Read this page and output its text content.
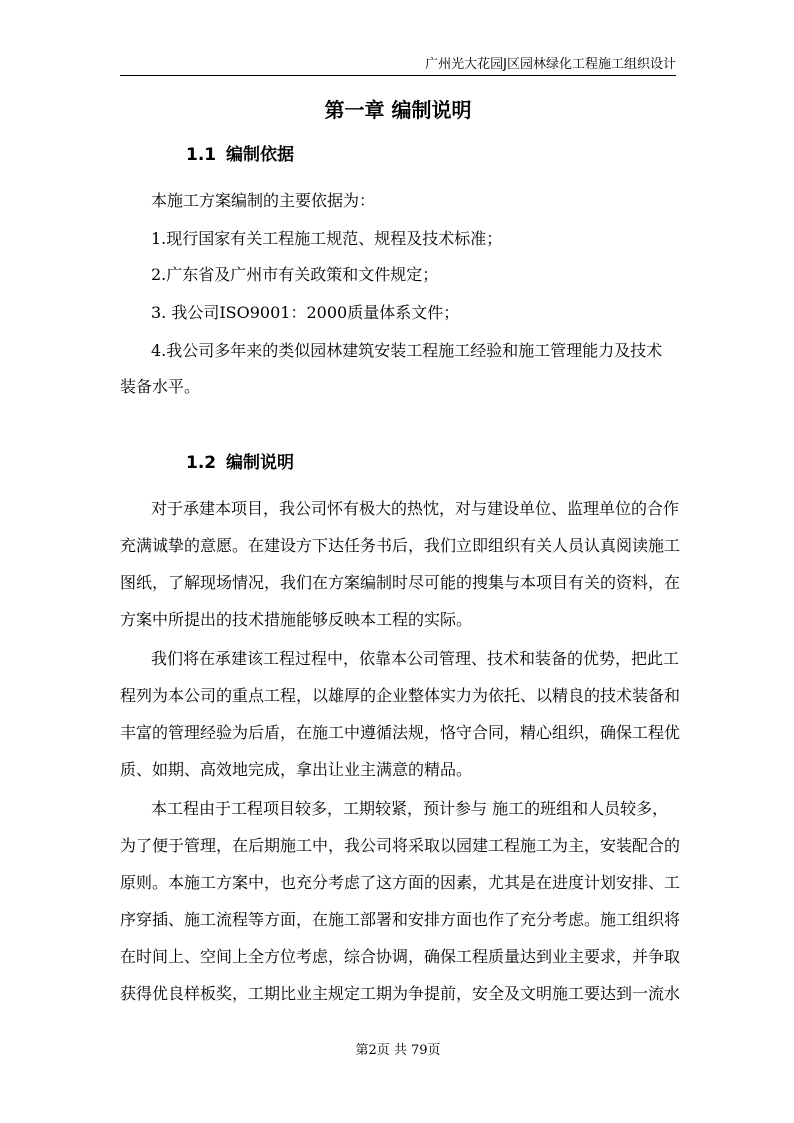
广州光大花园J区园林绿化工程施工组织设计
第一章 编制说明
1.1 编制依据
本施工方案编制的主要依据为：
1.现行国家有关工程施工规范、规程及技术标准；
2.广东省及广州市有关政策和文件规定；
3. 我公司ISO9001：2000质量体系文件；
4.我公司多年来的类似园林建筑安装工程施工经验和施工管理能力及技术
装备水平。
1.2 编制说明
对于承建本项目，我公司怀有极大的热忱，对与建设单位、监理单位的合作
充满诚挚的意愿。在建设方下达任务书后，我们立即组织有关人员认真阅读施工
图纸，了解现场情况，我们在方案编制时尽可能的搜集与本项目有关的资料，在
方案中所提出的技术措施能够反映本工程的实际。
我们将在承建该工程过程中，依靠本公司管理、技术和装备的优势，把此工
程列为本公司的重点工程，以雄厚的企业整体实力为依托、以精良的技术装备和
丰富的管理经验为后盾，在施工中遵循法规，恪守合同，精心组织，确保工程优
质、如期、高效地完成，拿出让业主满意的精品。
本工程由于工程项目较多，工期较紧，预计参与 施工的班组和人员较多，
为了便于管理，在后期施工中，我公司将采取以园建工程施工为主，安装配合的
原则。本施工方案中，也充分考虑了这方面的因素，尤其是在进度计划安排、工
序穿插、施工流程等方面，在施工部署和安排方面也作了充分考虑。施工组织将
在时间上、空间上全方位考虑，综合协调，确保工程质量达到业主要求，并争取
获得优良样板奖，工期比业主规定工期为争提前，安全及文明施工要达到一流水
第2页 共 79页
